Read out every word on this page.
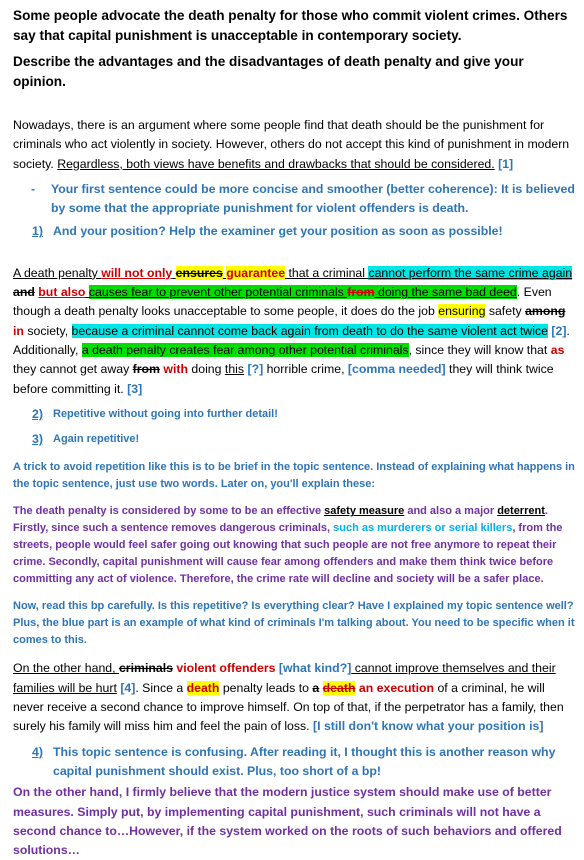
Some people advocate the death penalty for those who commit violent crimes. Others say that capital punishment is unacceptable in contemporary society.

Describe the advantages and the disadvantages of death penalty and give your opinion.

Nowadays, there is an argument where some people find that death should be the punishment for criminals who act violently in society. However, others do not accept this kind of punishment in modern society. Regardless, both views have benefits and drawbacks that should be considered. [1]

-	Your first sentence could be more concise and smoother (better coherence): It is believed by some that the appropriate punishment for violent offenders is death.
1) And your position? Help the examiner get your position as soon as possible!

A death penalty will not only ensures guarantee that a criminal cannot perform the same crime again and but also causes fear to prevent other potential criminals from doing the same bad deed. Even though a death penalty looks unacceptable to some people, it does do the job ensuring safety among in society, because a criminal cannot come back again from death to do the same violent act twice [2]. Additionally, a death penalty creates fear among other potential criminals, since they will know that as they cannot get away from with doing this [?] horrible crime, [comma needed] they will think twice before committing it. [3]

2) Repetitive without going into further detail!
3) Again repetitive!

A trick to avoid repetition like this is to be brief in the topic sentence. Instead of explaining what happens in the topic sentence, just use two words. Later on, you'll explain these:

The death penalty is considered by some to be an effective safety measure and also a major deterrent. Firstly, since such a sentence removes dangerous criminals, such as murderers or serial killers, from the streets, people would feel safer going out knowing that such people are not free anymore to repeat their crime. Secondly, capital punishment will cause fear among offenders and make them think twice before committing any act of violence. Therefore, the crime rate will decline and society will be a safer place.

Now, read this bp carefully. Is this repetitive? Is everything clear? Have I explained my topic sentence well? Plus, the blue part is an example of what kind of criminals I'm talking about. You need to be specific when it comes to this.

On the other hand, criminals violent offenders [what kind?] cannot improve themselves and their families will be hurt [4]. Since a death penalty leads to a death an execution of a criminal, he will never receive a second chance to improve himself. On top of that, if the perpetrator has a family, then surely his family will miss him and feel the pain of loss. [I still don't know what your position is]

4) This topic sentence is confusing. After reading it, I thought this is another reason why capital punishment should exist. Plus, too short of a bp!

On the other hand, I firmly believe that the modern justice system should make use of better measures. Simply put, by implementing capital punishment, such criminals will not have a second chance to…However, if the system worked on the roots of such behaviors and offered solutions…
